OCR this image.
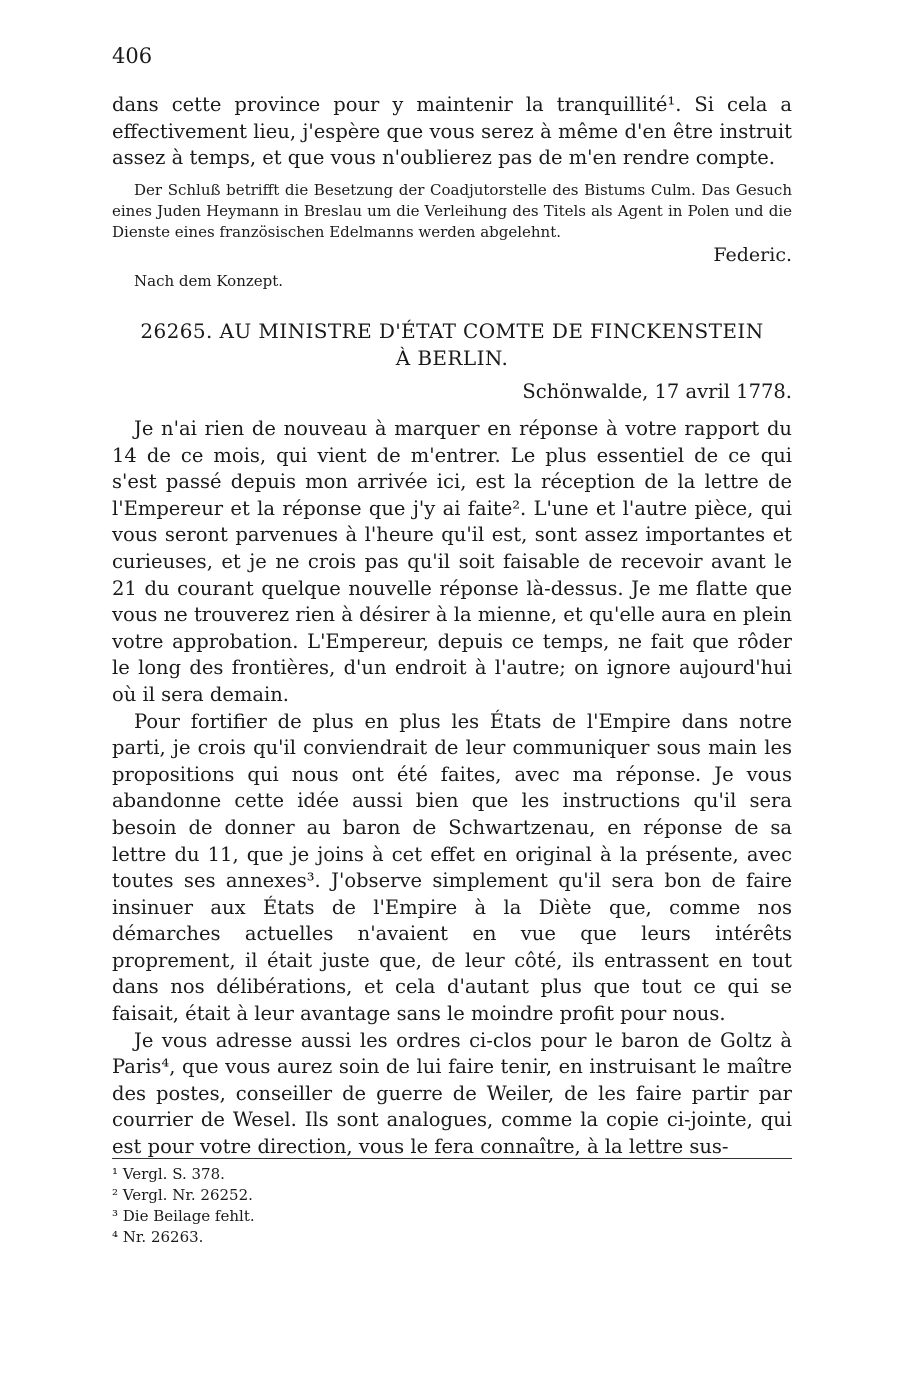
406

dans cette province pour y maintenir la tranquillité¹. Si cela a effectivement lieu, j'espère que vous serez à même d'en être instruit assez à temps, et que vous n'oublierez pas de m'en rendre compte.

Der Schluß betrifft die Besetzung der Coadjutorstelle des Bistums Culm. Das Gesuch eines Juden Heymann in Breslau um die Verleihung des Titels als Agent in Polen und die Dienste eines französischen Edelmanns werden abgelehnt.

Federic.
Nach dem Konzept.
26265. AU MINISTRE D'ÉTAT COMTE DE FINCKENSTEIN
À BERLIN.
Schönwalde, 17 avril 1778.

Je n'ai rien de nouveau à marquer en réponse à votre rapport du 14 de ce mois, qui vient de m'entrer. Le plus essentiel de ce qui s'est passé depuis mon arrivée ici, est la réception de la lettre de l'Empereur et la réponse que j'y ai faite². L'une et l'autre pièce, qui vous seront parvenues à l'heure qu'il est, sont assez importantes et curieuses, et je ne crois pas qu'il soit faisable de recevoir avant le 21 du courant quelque nouvelle réponse là-dessus. Je me flatte que vous ne trouverez rien à désirer à la mienne, et qu'elle aura en plein votre approbation. L'Empereur, depuis ce temps, ne fait que rôder le long des frontières, d'un endroit à l'autre; on ignore aujourd'hui où il sera demain.

Pour fortifier de plus en plus les États de l'Empire dans notre parti, je crois qu'il conviendrait de leur communiquer sous main les propositions qui nous ont été faites, avec ma réponse. Je vous abandonne cette idée aussi bien que les instructions qu'il sera besoin de donner au baron de Schwartzenau, en réponse de sa lettre du 11, que je joins à cet effet en original à la présente, avec toutes ses annexes³. J'observe simplement qu'il sera bon de faire insinuer aux États de l'Empire à la Diète que, comme nos démarches actuelles n'avaient en vue que leurs intérêts proprement, il était juste que, de leur côté, ils entrassent en tout dans nos délibérations, et cela d'autant plus que tout ce qui se faisait, était à leur avantage sans le moindre profit pour nous.

Je vous adresse aussi les ordres ci-clos pour le baron de Goltz à Paris⁴, que vous aurez soin de lui faire tenir, en instruisant le maître des postes, conseiller de guerre de Weiler, de les faire partir par courrier de Wesel. Ils sont analogues, comme la copie ci-jointe, qui est pour votre direction, vous le fera connaître, à la lettre sus-

¹ Vergl. S. 378.

² Vergl. Nr. 26252.

³ Die Beilage fehlt.

⁴ Nr. 26263.
